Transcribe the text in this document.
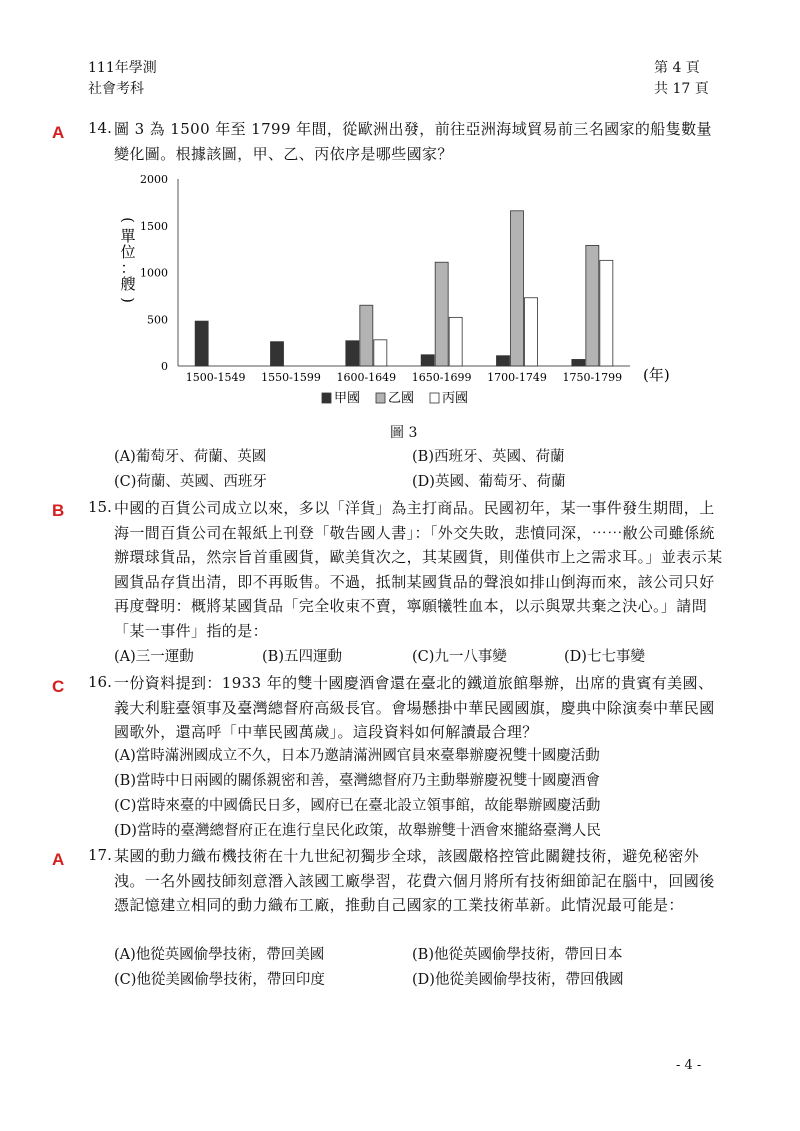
111年學測
社會考科
第 4 頁
共 17 頁
A 14. 圖 3 為 1500 年至 1799 年間，從歐洲出發，前往亞洲海域貿易前三名國家的船隻數量變化圖。根據該圖，甲、乙、丙依序是哪些國家？
(
單
位
：
艘
)
0
500
1000
1500
2000
1500-1549 1550-1599 1600-1649 1650-1699 1700-1749 1750-1799 (年)
甲國 乙國 丙國
圖 3
(A)葡萄牙、荷蘭、英國	(B)西班牙、英國、荷蘭
(C)荷蘭、英國、西班牙	(D)英國、葡萄牙、荷蘭
B 15. 中國的百貨公司成立以來，多以「洋貨」為主打商品。民國初年，某一事件發生期間，上海一間百貨公司在報紙上刊登「敬告國人書」：「外交失敗，悲憤同深，⋯⋯敝公司雖係統辦環球貨品，然宗旨首重國貨，歐美貨次之，其某國貨，則僅供市上之需求耳。」並表示某國貨品存貨出清，即不再販售。不過，抵制某國貨品的聲浪如排山倒海而來，該公司只好再度聲明：概將某國貨品「完全收束不賣，寧願犧牲血本，以示與眾共棄之決心。」請問「某一事件」指的是：
(A)三一運動	(B)五四運動	(C)九一八事變	(D)七七事變
C 16. 一份資料提到：1933 年的雙十國慶酒會還在臺北的鐵道旅館舉辦，出席的貴賓有美國、義大利駐臺領事及臺灣總督府高級長官。會場懸掛中華民國國旗，慶典中除演奏中華民國國歌外，還高呼「中華民國萬歲」。這段資料如何解讀最合理？
(A)當時滿洲國成立不久，日本乃邀請滿洲國官員來臺舉辦慶祝雙十國慶活動
(B)當時中日兩國的關係親密和善，臺灣總督府乃主動舉辦慶祝雙十國慶酒會
(C)當時來臺的中國僑民日多，國府已在臺北設立領事館，故能舉辦國慶活動
(D)當時的臺灣總督府正在進行皇民化政策，故舉辦雙十酒會來攏絡臺灣人民
A 17. 某國的動力織布機技術在十九世紀初獨步全球，該國嚴格控管此關鍵技術，避免秘密外洩。一名外國技師刻意潛入該國工廠學習，花費六個月將所有技術細節記在腦中，回國後憑記憶建立相同的動力織布工廠，推動自己國家的工業技術革新。此情況最可能是：
(A)他從英國偷學技術，帶回美國	(B)他從英國偷學技術，帶回日本
(C)他從美國偷學技術，帶回印度	(D)他從美國偷學技術，帶回俄國
- 4 -
